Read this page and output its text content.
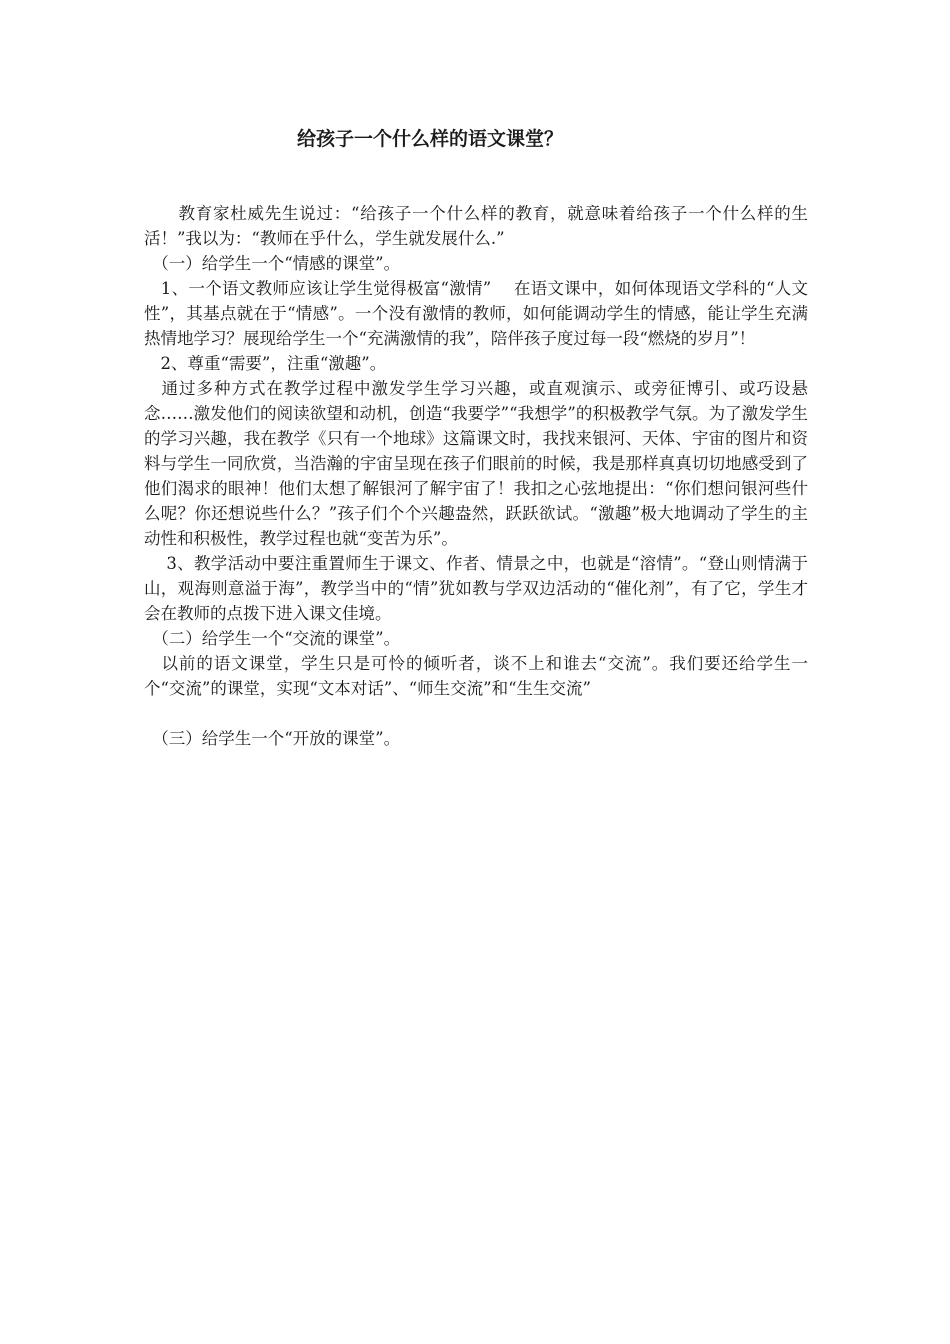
给孩子一个什么样的语文课堂？

　　教育家杜威先生说过：“给孩子一个什么样的教育，就意味着给孩子一个什么样的生活！”我以为：“教师在乎什么，学生就发展什么.”

　（一）给学生一个“情感的课堂”。

　1、一个语文教师应该让学生觉得极富“激情”　 在语文课中，如何体现语文学科的“人文性”，其基点就在于“情感”。一个没有激情的教师，如何能调动学生的情感，能让学生充满热情地学习？展现给学生一个“充满激情的我”，陪伴孩子度过每一段“燃烧的岁月”！

　2、尊重“需要”，注重“激趣”。

　通过多种方式在教学过程中激发学生学习兴趣，或直观演示、或旁征博引、或巧设悬念……激发他们的阅读欲望和动机，创造“我要学”“我想学”的积极教学气氛。为了激发学生的学习兴趣，我在教学《只有一个地球》这篇课文时，我找来银河、天体、宇宙的图片和资料与学生一同欣赏，当浩瀚的宇宙呈现在孩子们眼前的时候，我是那样真真切切地感受到了他们渴求的眼神！他们太想了解银河了解宇宙了！我扣之心弦地提出：“你们想问银河些什么呢？你还想说些什么？”孩子们个个兴趣盎然，跃跃欲试。“激趣”极大地调动了学生的主动性和积极性，教学过程也就“变苦为乐”。

　 3、教学活动中要注重置师生于课文、作者、情景之中，也就是“溶情”。“登山则情满于山，观海则意溢于海”，教学当中的“情”犹如教与学双边活动的“催化剂”，有了它，学生才会在教师的点拨下进入课文佳境。

　（二）给学生一个“交流的课堂”。

　以前的语文课堂，学生只是可怜的倾听者，谈不上和谁去“交流”。我们要还给学生一个“交流”的课堂，实现“文本对话”、“师生交流”和“生生交流”

　（三）给学生一个“开放的课堂”。
